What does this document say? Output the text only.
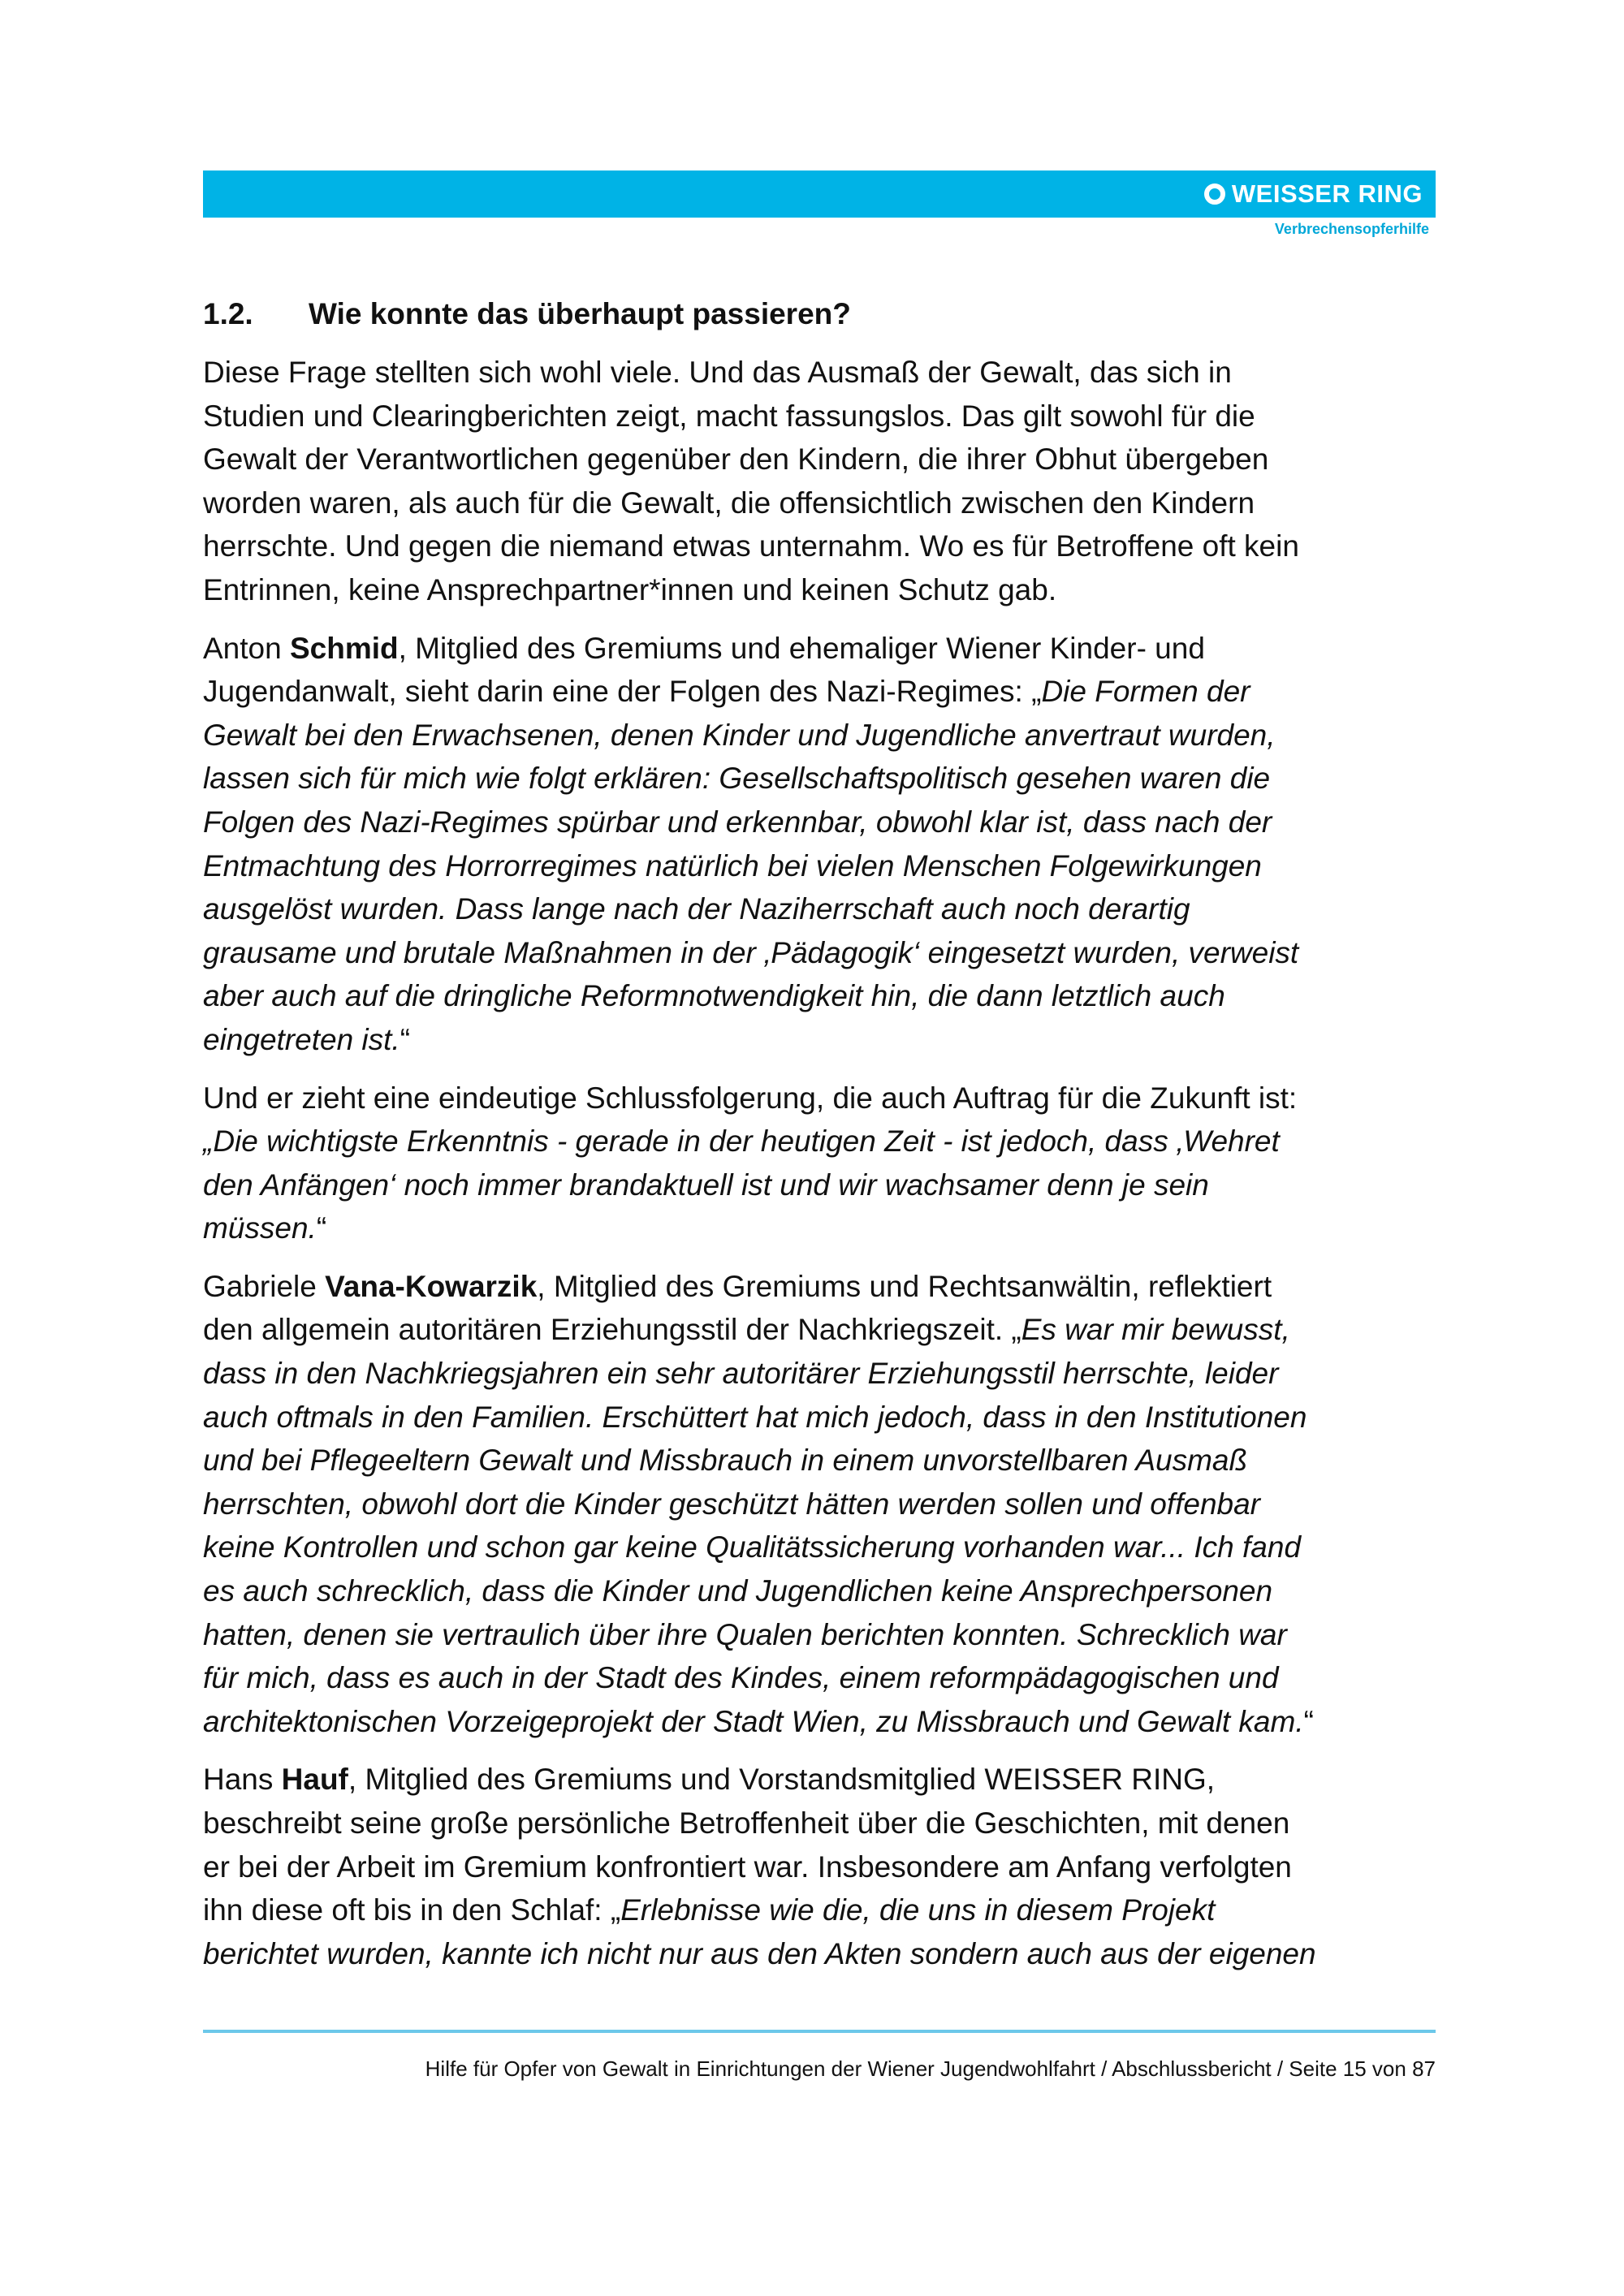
WEISSER RING
Verbrechensopferhilfe
1.2.	Wie konnte das überhaupt passieren?

Diese Frage stellten sich wohl viele. Und das Ausmaß der Gewalt, das sich in
Studien und Clearingberichten zeigt, macht fassungslos. Das gilt sowohl für die
Gewalt der Verantwortlichen gegenüber den Kindern, die ihrer Obhut übergeben
worden waren, als auch für die Gewalt, die offensichtlich zwischen den Kindern
herrschte. Und gegen die niemand etwas unternahm. Wo es für Betroffene oft kein
Entrinnen, keine Ansprechpartner*innen und keinen Schutz gab.

Anton Schmid, Mitglied des Gremiums und ehemaliger Wiener Kinder- und
Jugendanwalt, sieht darin eine der Folgen des Nazi-Regimes: „Die Formen der
Gewalt bei den Erwachsenen, denen Kinder und Jugendliche anvertraut wurden,
lassen sich für mich wie folgt erklären: Gesellschaftspolitisch gesehen waren die
Folgen des Nazi-Regimes spürbar und erkennbar, obwohl klar ist, dass nach der
Entmachtung des Horrorregimes natürlich bei vielen Menschen Folgewirkungen
ausgelöst wurden. Dass lange nach der Naziherrschaft auch noch derartig
grausame und brutale Maßnahmen in der ‚Pädagogik‘ eingesetzt wurden, verweist
aber auch auf die dringliche Reformnotwendigkeit hin, die dann letztlich auch
eingetreten ist.“

Und er zieht eine eindeutige Schlussfolgerung, die auch Auftrag für die Zukunft ist:
„Die wichtigste Erkenntnis - gerade in der heutigen Zeit - ist jedoch, dass ‚Wehret
den Anfängen‘ noch immer brandaktuell ist und wir wachsamer denn je sein
müssen.“

Gabriele Vana-Kowarzik, Mitglied des Gremiums und Rechtsanwältin, reflektiert
den allgemein autoritären Erziehungsstil der Nachkriegszeit. „Es war mir bewusst,
dass in den Nachkriegsjahren ein sehr autoritärer Erziehungsstil herrschte, leider
auch oftmals in den Familien. Erschüttert hat mich jedoch, dass in den Institutionen
und bei Pflegeeltern Gewalt und Missbrauch in einem unvorstellbaren Ausmaß
herrschten, obwohl dort die Kinder geschützt hätten werden sollen und offenbar
keine Kontrollen und schon gar keine Qualitätssicherung vorhanden war... Ich fand
es auch schrecklich, dass die Kinder und Jugendlichen keine Ansprechpersonen
hatten, denen sie vertraulich über ihre Qualen berichten konnten. Schrecklich war
für mich, dass es auch in der Stadt des Kindes, einem reformpädagogischen und
architektonischen Vorzeigeprojekt der Stadt Wien, zu Missbrauch und Gewalt kam.“

Hans Hauf, Mitglied des Gremiums und Vorstandsmitglied WEISSER RING,
beschreibt seine große persönliche Betroffenheit über die Geschichten, mit denen
er bei der Arbeit im Gremium konfrontiert war. Insbesondere am Anfang verfolgten
ihn diese oft bis in den Schlaf: „Erlebnisse wie die, die uns in diesem Projekt
berichtet wurden, kannte ich nicht nur aus den Akten sondern auch aus der eigenen

Hilfe für Opfer von Gewalt in Einrichtungen der Wiener Jugendwohlfahrt / Abschlussbericht / Seite 15 von 87
